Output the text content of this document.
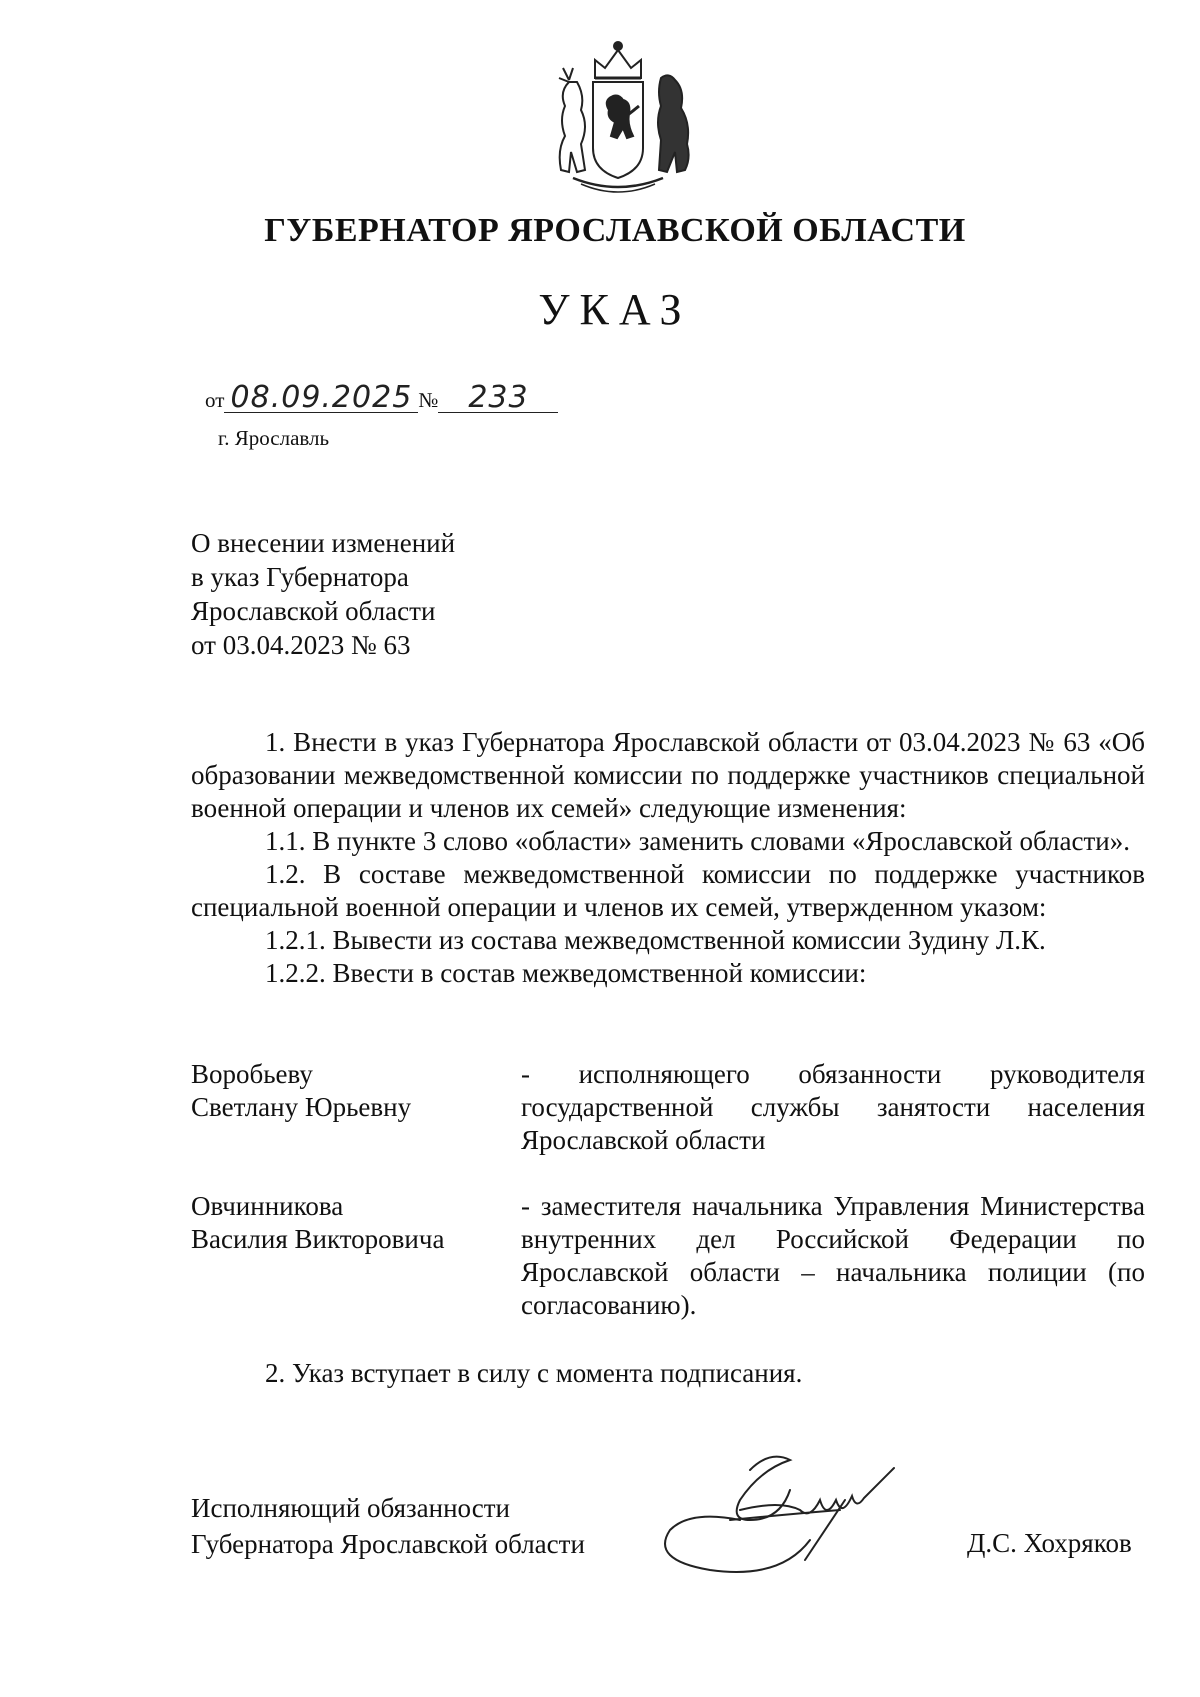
ГУБЕРНАТОР ЯРОСЛАВСКОЙ ОБЛАСТИ
УКАЗ
от 08.09.2025 № 233
г. Ярославль
О внесении изменений
в указ Губернатора
Ярославской области
от 03.04.2023 № 63
1. Внести в указ Губернатора Ярославской области от 03.04.2023 № 63 «Об образовании межведомственной комиссии по поддержке участников специальной военной операции и членов их семей» следующие изменения:
1.1. В пункте 3 слово «области» заменить словами «Ярославской области».
1.2. В составе межведомственной комиссии по поддержке участников специальной военной операции и членов их семей, утвержденном указом:
1.2.1. Вывести из состава межведомственной комиссии Зудину Л.К.
1.2.2. Ввести в состав межведомственной комиссии:
Воробьеву
Светлану Юрьевну
- исполняющего обязанности руководителя государственной службы занятости населения Ярославской области
Овчинникова
Василия Викторовича
- заместителя начальника Управления Министерства внутренних дел Российской Федерации по Ярославской области – начальника полиции (по согласованию).
2. Указ вступает в силу с момента подписания.
Исполняющий обязанности
Губернатора Ярославской области	Д.С. Хохряков
